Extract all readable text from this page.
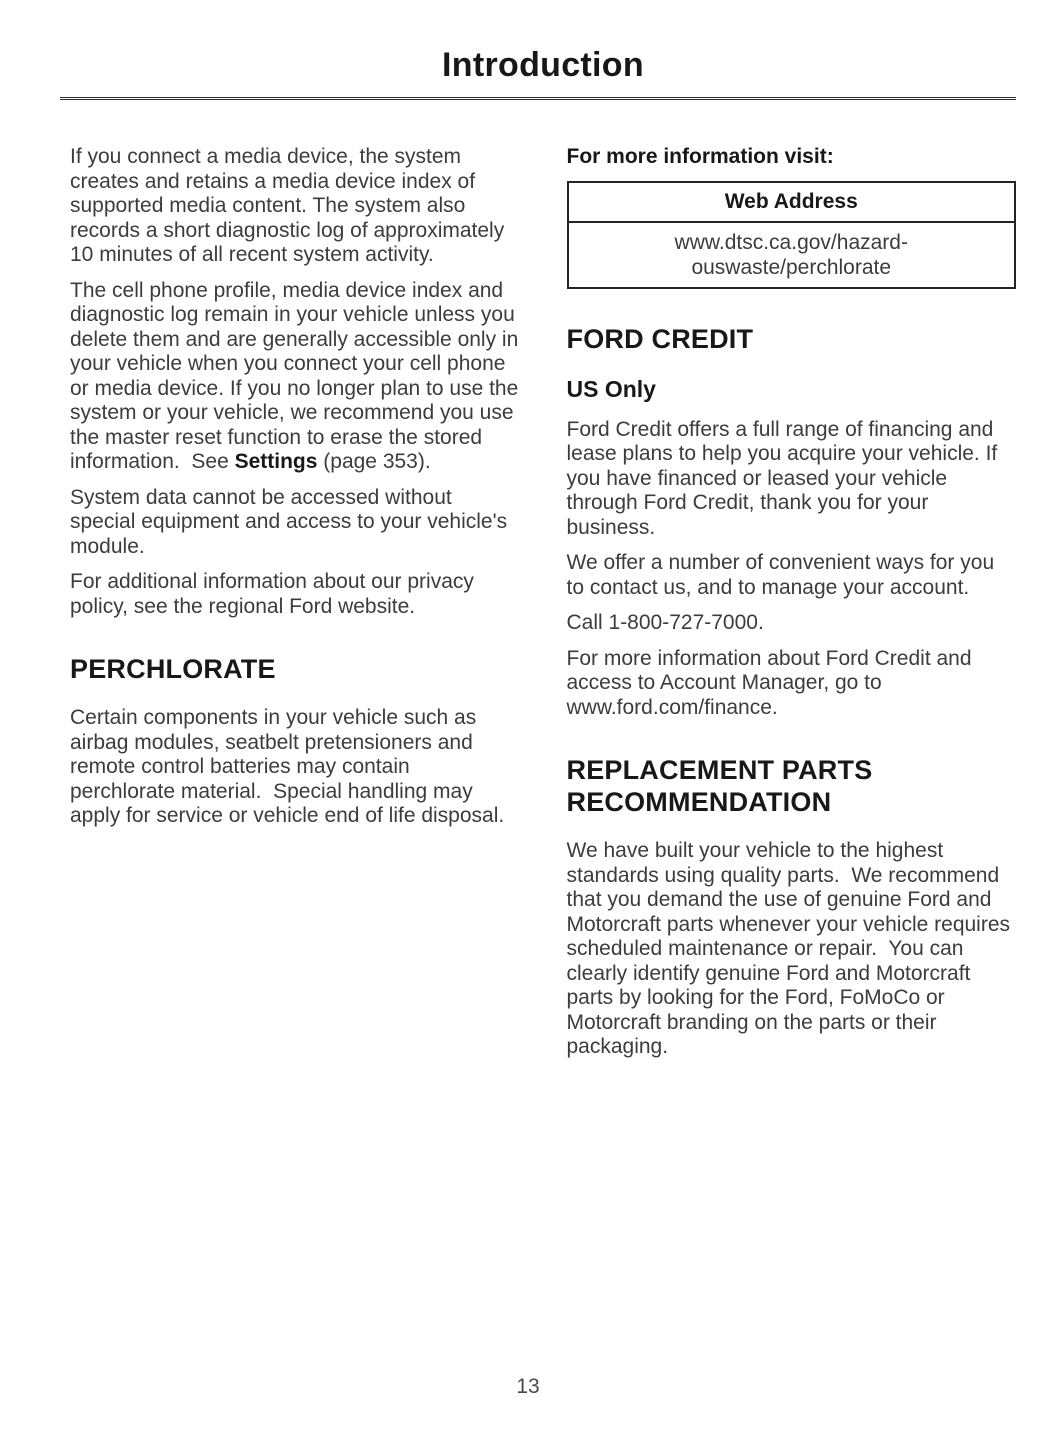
Introduction

If you connect a media device, the system creates and retains a media device index of supported media content. The system also records a short diagnostic log of approximately 10 minutes of all recent system activity.

The cell phone profile, media device index and diagnostic log remain in your vehicle unless you delete them and are generally accessible only in your vehicle when you connect your cell phone or media device. If you no longer plan to use the system or your vehicle, we recommend you use the master reset function to erase the stored information.  See Settings (page 353).

System data cannot be accessed without special equipment and access to your vehicle's module.

For additional information about our privacy policy, see the regional Ford website.

PERCHLORATE

Certain components in your vehicle such as airbag modules, seatbelt pretensioners and remote control batteries may contain perchlorate material.  Special handling may apply for service or vehicle end of life disposal.

For more information visit:

Web Address
www.dtsc.ca.gov/hazard-
ouswaste/perchlorate
FORD CREDIT
US Only

Ford Credit offers a full range of financing and lease plans to help you acquire your vehicle. If you have financed or leased your vehicle through Ford Credit, thank you for your business.

We offer a number of convenient ways for you to contact us, and to manage your account.

Call 1-800-727-7000.

For more information about Ford Credit and access to Account Manager, go to www.ford.com/finance.

REPLACEMENT PARTS RECOMMENDATION

We have built your vehicle to the highest standards using quality parts.  We recommend that you demand the use of genuine Ford and Motorcraft parts whenever your vehicle requires scheduled maintenance or repair.  You can clearly identify genuine Ford and Motorcraft parts by looking for the Ford, FoMoCo or Motorcraft branding on the parts or their packaging.

13
